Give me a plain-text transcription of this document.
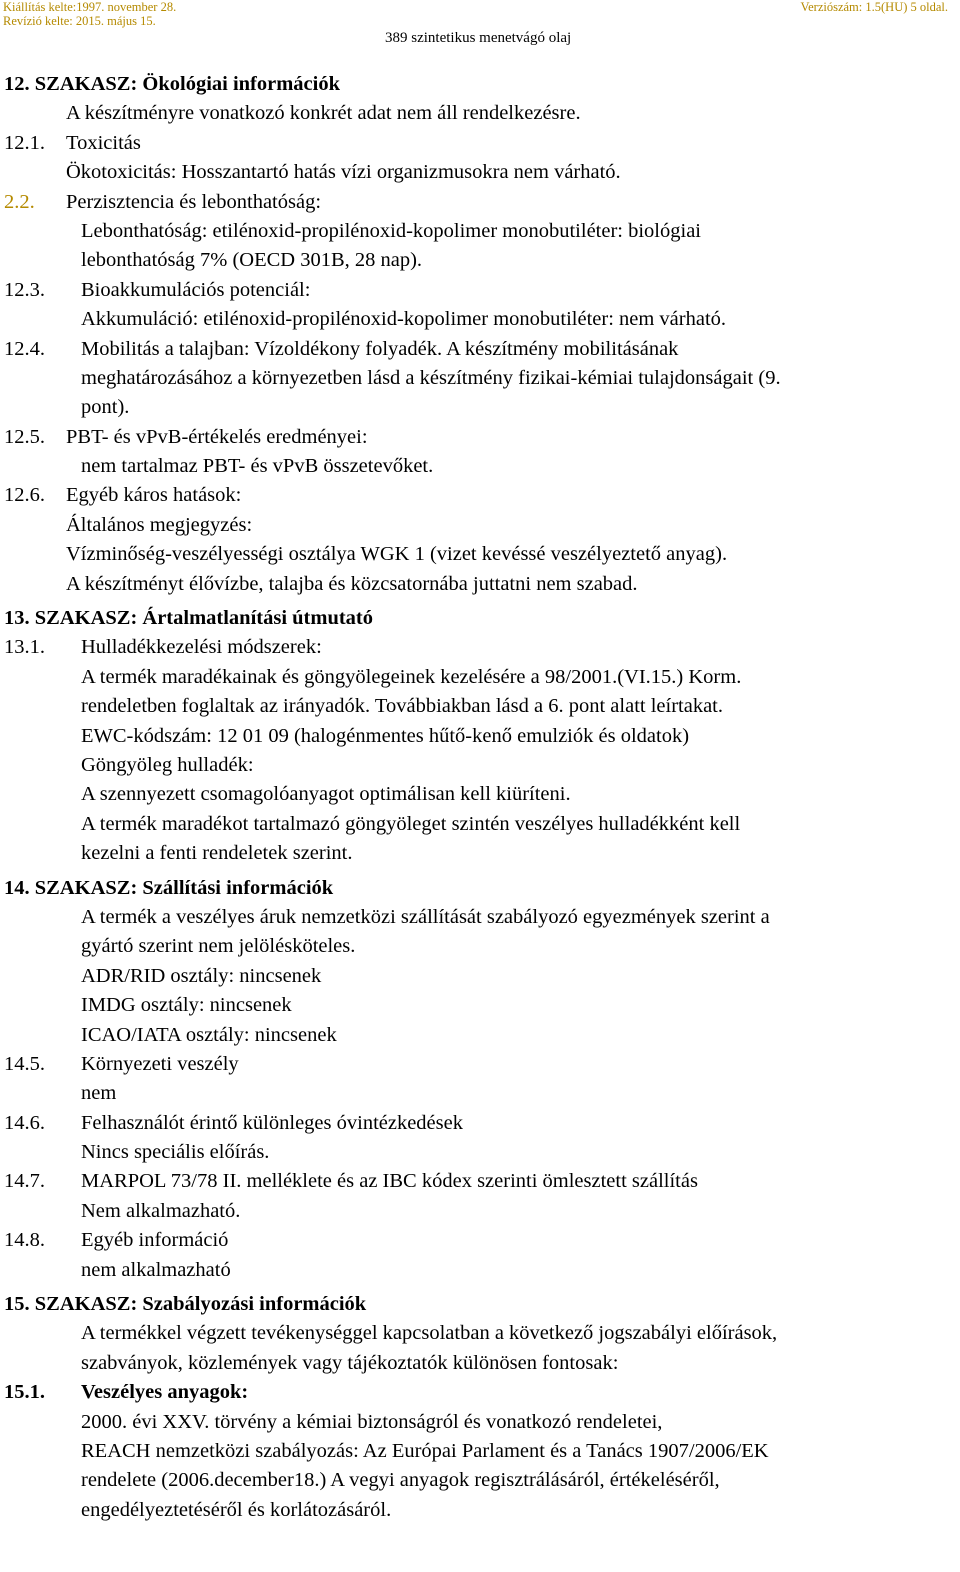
Kiállítás kelte:1997. november 28.
Revízió kelte: 2015. május 15.
Verziószám: 1.5(HU) 5 oldal.
389 szintetikus menetvágó olaj
12. SZAKASZ: Ökológiai információk
A készítményre vonatkozó konkrét adat nem áll rendelkezésre.
12.1. Toxicitás
Ökotoxicitás: Hosszantartó hatás vízi organizmusokra nem várható.
2.2. Perzisztencia és lebonthatóság:
Lebonthatóság: etilénoxid-propilénoxid-kopolimer monobutiléter: biológiai
lebonthatóság 7% (OECD 301B, 28 nap).
12.3. Bioakkumulációs potenciál:
Akkumuláció: etilénoxid-propilénoxid-kopolimer monobutiléter: nem várható.
12.4. Mobilitás a talajban: Vízoldékony folyadék. A készítmény mobilitásának
meghatározásához a környezetben lásd a készítmény fizikai-kémiai tulajdonságait (9.
pont).
12.5. PBT- és vPvB-értékelés eredményei:
nem tartalmaz PBT- és vPvB összetevőket.
12.6. Egyéb káros hatások:
Általános megjegyzés:
Vízminőség-veszélyességi osztálya WGK 1 (vizet kevéssé veszélyeztető anyag).
A készítményt élővízbe, talajba és közcsatornába juttatni nem szabad.
13. SZAKASZ: Ártalmatlanítási útmutató
13.1. Hulladékkezelési módszerek:
A termék maradékainak és göngyölegeinek kezelésére a 98/2001.(VI.15.) Korm.
rendeletben foglaltak az irányadók. Továbbiakban lásd a 6. pont alatt leírtakat.
EWC-kódszám: 12 01 09 (halogénmentes hűtő-kenő emulziók és oldatok)
Göngyöleg hulladék:
A szennyezett csomagolóanyagot optimálisan kell kiüríteni.
A termék maradékot tartalmazó göngyöleget szintén veszélyes hulladékként kell
kezelni a fenti rendeletek szerint.
14. SZAKASZ: Szállítási információk
A termék a veszélyes áruk nemzetközi szállítását szabályozó egyezmények szerint a
gyártó szerint nem jelölésköteles.
ADR/RID osztály: nincsenek
IMDG osztály: nincsenek
ICAO/IATA osztály: nincsenek
14.5. Környezeti veszély
nem
14.6. Felhasználót érintő különleges óvintézkedések
Nincs speciális előírás.
14.7. MARPOL 73/78 II. melléklete és az IBC kódex szerinti ömlesztett szállítás
Nem alkalmazható.
14.8. Egyéb információ
nem alkalmazható
15. SZAKASZ: Szabályozási információk
A termékkel végzett tevékenységgel kapcsolatban a következő jogszabályi előírások,
szabványok, közlemények vagy tájékoztatók különösen fontosak:
15.1. Veszélyes anyagok:
2000. évi XXV. törvény a kémiai biztonságról és vonatkozó rendeletei,
REACH nemzetközi szabályozás: Az Európai Parlament és a Tanács 1907/2006/EK
rendelete (2006.december18.) A vegyi anyagok regisztrálásáról, értékeléséről,
engedélyeztetéséről és korlátozásáról.
